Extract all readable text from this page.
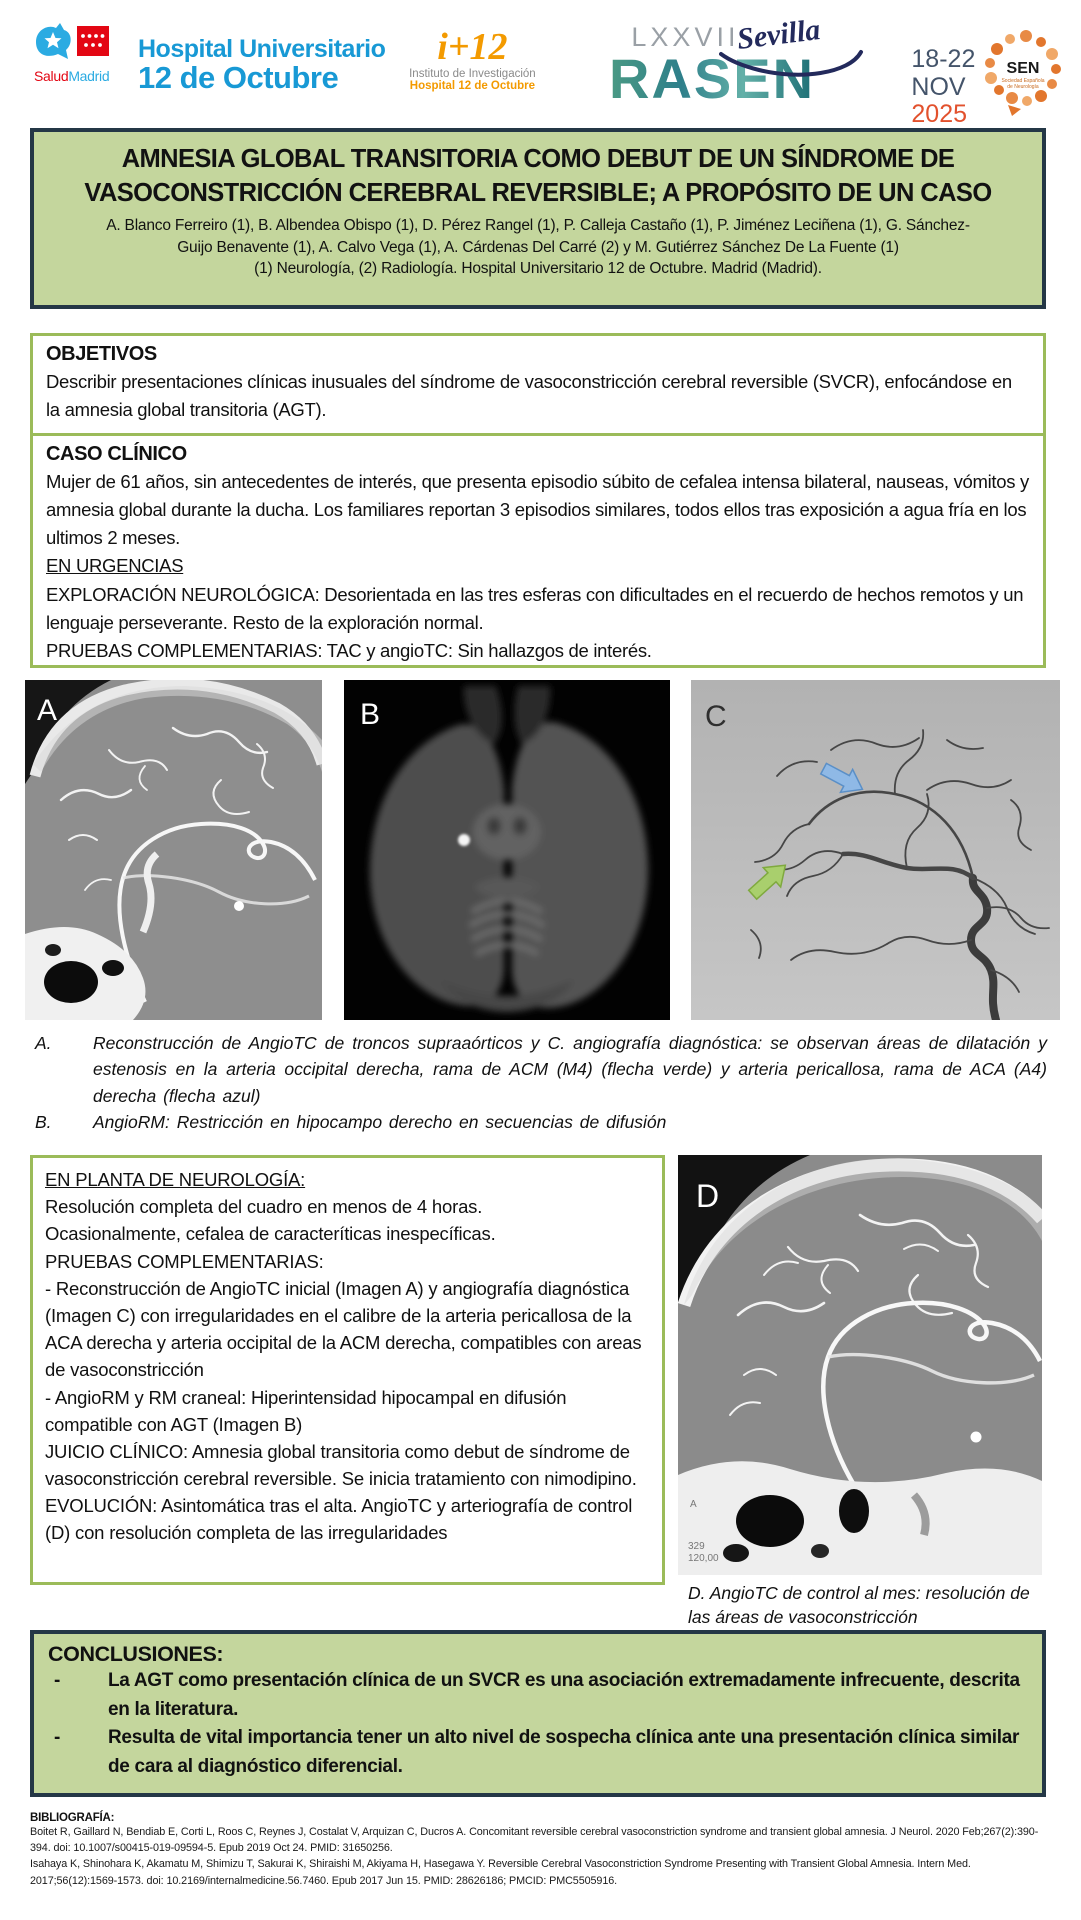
SaludMadrid
Hospital Universitario
12 de Octubre
i+12
Instituto de Investigación
Hospital 12 de Octubre
LXXVII
RASEN
Sevilla
18-22
NOV
2025
SEN
Sociedad Española
de Neurología
AMNESIA GLOBAL TRANSITORIA COMO DEBUT DE UN SÍNDROME DE
VASOCONSTRICCIÓN CEREBRAL REVERSIBLE; A PROPÓSITO DE UN CASO
A. Blanco Ferreiro (1), B. Albendea Obispo (1), D. Pérez Rangel (1), P. Calleja Castaño (1), P. Jiménez Leciñena (1), G. Sánchez-
Guijo Benavente (1), A. Calvo Vega (1), A. Cárdenas Del Carré (2) y M. Gutiérrez Sánchez De La Fuente (1)
(1) Neurología, (2) Radiología. Hospital Universitario 12 de Octubre. Madrid (Madrid).
OBJETIVOS
Describir presentaciones clínicas inusuales del síndrome de vasoconstricción cerebral reversible (SVCR), enfocándose en la amnesia global transitoria (AGT).
CASO CLÍNICO

Mujer de 61 años, sin antecedentes de interés, que presenta episodio súbito de cefalea intensa bilateral, nauseas, vómitos y amnesia global durante la ducha. Los familiares reportan 3 episodios similares, todos ellos tras exposición a agua fría en los ultimos 2 meses.

EN URGENCIAS

EXPLORACIÓN NEUROLÓGICA: Desorientada en las tres esferas con dificultades en el recuerdo de hechos remotos y un lenguaje perseverante. Resto de la exploración normal.

PRUEBAS COMPLEMENTARIAS: TAC y angioTC: Sin hallazgos de interés.

A	B	C
A.	Reconstrucción de AngioTC de troncos supraaórticos y C. angiografía diagnóstica: se observan áreas de dilatación y estenosis en la arteria occipital derecha, rama de ACM (M4) (flecha verde) y arteria pericallosa, rama de ACA (A4) derecha (flecha azul)
B.	AngioRM: Restricción en hipocampo derecho en secuencias de difusión
EN PLANTA DE NEUROLOGÍA:

Resolución completa del cuadro en menos de 4 horas.

Ocasionalmente, cefalea de caracteríticas inespecíficas.

PRUEBAS COMPLEMENTARIAS:

- Reconstrucción de AngioTC inicial (Imagen A) y angiografía diagnóstica (Imagen C) con irregularidades en el calibre de la arteria pericallosa de la ACA derecha y arteria occipital de la ACM derecha, compatibles con areas de vasoconstricción

- AngioRM y RM craneal: Hiperintensidad hipocampal en difusión compatible con AGT (Imagen B)

JUICIO CLÍNICO: Amnesia global transitoria como debut de síndrome de vasoconstricción cerebral reversible. Se inicia tratamiento con nimodipino.

EVOLUCIÓN: Asintomática tras el alta. AngioTC y arteriografía de control (D) con resolución completa de las irregularidades

A
329
120,00
D
D. AngioTC de control al mes: resolución de las áreas de vasoconstricción
CONCLUSIONES:
-	La AGT como presentación clínica de un SVCR es una asociación extremadamente infrecuente, descrita en la literatura.
-	Resulta de vital importancia tener un alto nivel de sospecha clínica ante una presentación clínica similar de cara al diagnóstico diferencial.
BIBLIOGRAFÍA:
Boitet R, Gaillard N, Bendiab E, Corti L, Roos C, Reynes J, Costalat V, Arquizan C, Ducros A. Concomitant reversible cerebral vasoconstriction syndrome and transient global amnesia. J Neurol. 2020 Feb;267(2):390-394. doi: 10.1007/s00415-019-09594-5. Epub 2019 Oct 24. PMID: 31650256.
Isahaya K, Shinohara K, Akamatu M, Shimizu T, Sakurai K, Shiraishi M, Akiyama H, Hasegawa Y. Reversible Cerebral Vasoconstriction Syndrome Presenting with Transient Global Amnesia. Intern Med. 2017;56(12):1569-1573. doi: 10.2169/internalmedicine.56.7460. Epub 2017 Jun 15. PMID: 28626186; PMCID: PMC5505916.
